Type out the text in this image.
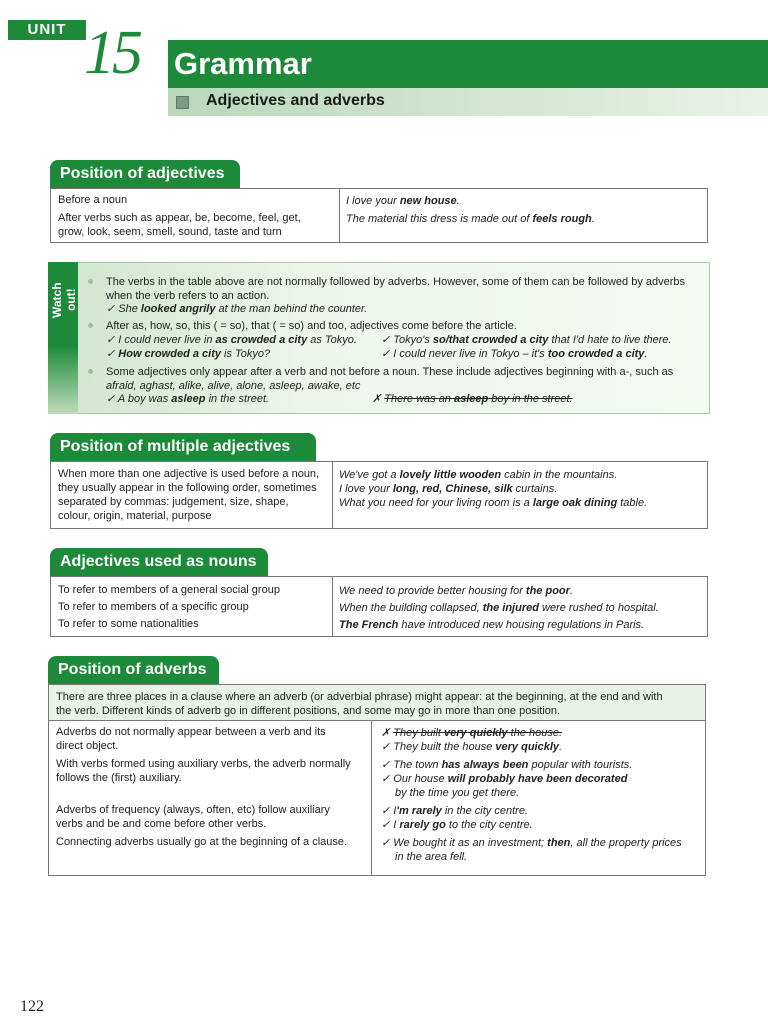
UNIT 15 Grammar
Adjectives and adverbs
Position of adjectives
Before a noun
After verbs such as appear, be, become, feel, get,
grow, look, seem, smell, sound, taste and turn
I love your new house.
The material this dress is made out of feels rough.
Watch out!
The verbs in the table above are not normally followed by adverbs. However, some of them can be followed by adverbs
when the verb refers to an action.
✓ She looked angrily at the man behind the counter.
After as, how, so, this ( = so), that ( = so) and too, adjectives come before the article.
✓ I could never live in as crowded a city as Tokyo. ✓ Tokyo's so/that crowded a city that I'd hate to live there.
✓ How crowded a city is Tokyo?	✓ I could never live in Tokyo – it's too crowded a city.
Some adjectives only appear after a verb and not before a noun. These include adjectives beginning with a-, such as
afraid, aghast, alike, alive, alone, asleep, awake, etc
✓ A boy was asleep in the street.	✗ There was an asleep boy in the street.
Position of multiple adjectives
When more than one adjective is used before a noun,
they usually appear in the following order, sometimes
separated by commas: judgement, size, shape,
colour, origin, material, purpose
We've got a lovely little wooden cabin in the mountains.
I love your long, red, Chinese, silk curtains.
What you need for your living room is a large oak dining table.
Adjectives used as nouns
To refer to members of a general social group
To refer to members of a specific group
To refer to some nationalities
We need to provide better housing for the poor.
When the building collapsed, the injured were rushed to hospital.
The French have introduced new housing regulations in Paris.
Position of adverbs
There are three places in a clause where an adverb (or adverbial phrase) might appear: at the beginning, at the end and with
the verb. Different kinds of adverb go in different positions, and some may go in more than one position.
Adverbs do not normally appear between a verb and its
direct object.
With verbs formed using auxiliary verbs, the adverb normally
follows the (first) auxiliary.
Adverbs of frequency (always, often, etc) follow auxiliary
verbs and be and come before other verbs.
Connecting adverbs usually go at the beginning of a clause.
✗ They built very quickly the house.
✓ They built the house very quickly.
✓ The town has always been popular with tourists.
✓ Our house will probably have been decorated
by the time you get there.
✓ I'm rarely in the city centre.
✓ I rarely go to the city centre.
✓ We bought it as an investment; then, all the property prices
in the area fell.
122
